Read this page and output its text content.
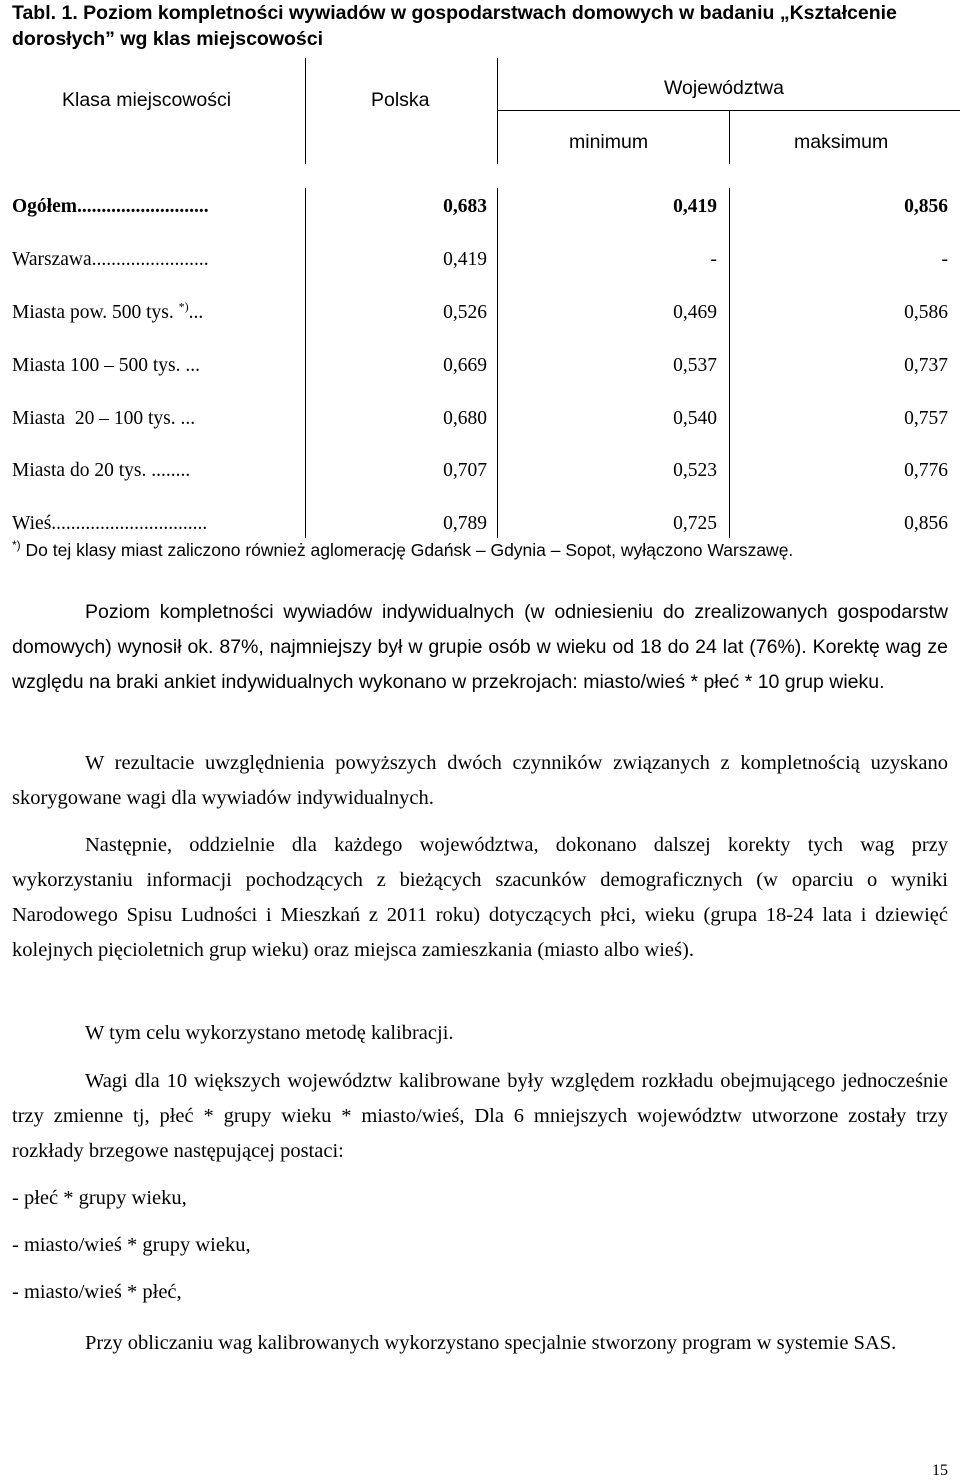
Tabl. 1. Poziom kompletności wywiadów w gospodarstwach domowych w badaniu „Kształcenie dorosłych” wg klas miejscowości
Klasa miejscowości	Polska
Województwa
minimum	maksimum
Ogółem...........................	0,683	0,419	0,856
Warszawa........................	0,419	-	-
Miasta pow. 500 tys. *)...	0,526	0,469	0,586
Miasta 100 – 500 tys. ...	0,669	0,537	0,737
Miasta  20 – 100 tys. ...	0,680	0,540	0,757
Miasta do 20 tys. ........	0,707	0,523	0,776
Wieś................................	0,789	0,725	0,856
*) Do tej klasy miast zaliczono również aglomerację Gdańsk – Gdynia – Sopot, wyłączono Warszawę.
Poziom kompletności wywiadów indywidualnych (w odniesieniu do zrealizowanych gospodarstw domowych) wynosił ok. 87%, najmniejszy był w grupie osób w wieku od 18 do 24 lat (76%). Korektę wag ze względu na braki ankiet indywidualnych wykonano w przekrojach: miasto/wieś * płeć * 10 grup wieku.
W rezultacie uwzględnienia powyższych dwóch czynników związanych z kompletnością uzyskano skorygowane wagi dla wywiadów indywidualnych.
Następnie, oddzielnie dla każdego województwa, dokonano dalszej korekty tych wag przy wykorzystaniu informacji pochodzących z bieżących szacunków demograficznych (w oparciu o wyniki Narodowego Spisu Ludności i Mieszkań z 2011 roku) dotyczących płci, wieku (grupa 18-24 lata i dziewięć kolejnych pięcioletnich grup wieku) oraz miejsca zamieszkania (miasto albo wieś).
W tym celu wykorzystano metodę kalibracji.
Wagi dla 10 większych województw kalibrowane były względem rozkładu obejmującego jednocześnie trzy zmienne tj, płeć * grupy wieku * miasto/wieś, Dla 6 mniejszych województw utworzone zostały trzy rozkłady brzegowe następującej postaci:
- płeć * grupy wieku,
- miasto/wieś * grupy wieku,
- miasto/wieś * płeć,
Przy obliczaniu wag kalibrowanych wykorzystano specjalnie stworzony program w systemie SAS.
15
